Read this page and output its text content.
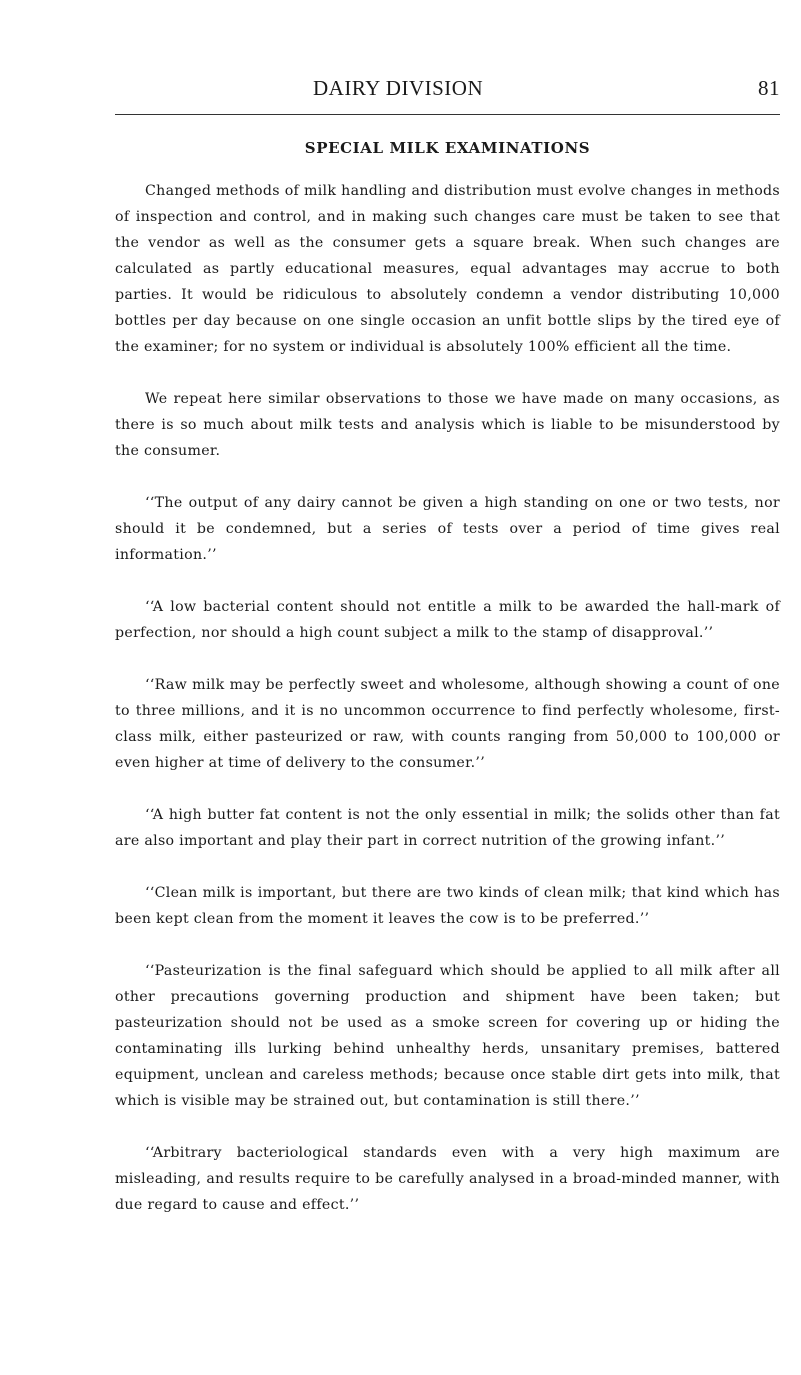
DAIRY DIVISION	81
SPECIAL MILK EXAMINATIONS

Changed methods of milk handling and distribution must evolve changes in methods of inspection and control, and in making such changes care must be taken to see that the vendor as well as the consumer gets a square break. When such changes are calculated as partly educational measures, equal advantages may accrue to both parties. It would be ridiculous to absolutely condemn a vendor distributing 10,000 bottles per day because on one single occasion an unfit bottle slips by the tired eye of the examiner; for no system or individual is absolutely 100% efficient all the time.

We repeat here similar observations to those we have made on many occasions, as there is so much about milk tests and analysis which is liable to be misunderstood by the consumer.

‘‘The output of any dairy cannot be given a high standing on one or two tests, nor should it be condemned, but a series of tests over a period of time gives real information.’’

‘‘A low bacterial content should not entitle a milk to be awarded the hall-mark of perfection, nor should a high count subject a milk to the stamp of disapproval.’’

‘‘Raw milk may be perfectly sweet and wholesome, although showing a count of one to three millions, and it is no uncommon occurrence to find perfectly wholesome, first-class milk, either pasteurized or raw, with counts ranging from 50,000 to 100,000 or even higher at time of delivery to the consumer.’’

‘‘A high butter fat content is not the only essential in milk; the solids other than fat are also important and play their part in correct nutrition of the growing infant.’’

‘‘Clean milk is important, but there are two kinds of clean milk; that kind which has been kept clean from the moment it leaves the cow is to be preferred.’’

‘‘Pasteurization is the final safeguard which should be applied to all milk after all other precautions governing production and shipment have been taken; but pasteurization should not be used as a smoke screen for covering up or hiding the contaminating ills lurking behind unhealthy herds, unsanitary premises, battered equipment, unclean and careless methods; because once stable dirt gets into milk, that which is visible may be strained out, but contamination is still there.’’

‘‘Arbitrary bacteriological standards even with a very high maximum are misleading, and results require to be carefully analysed in a broad-minded manner, with due regard to cause and effect.’’
